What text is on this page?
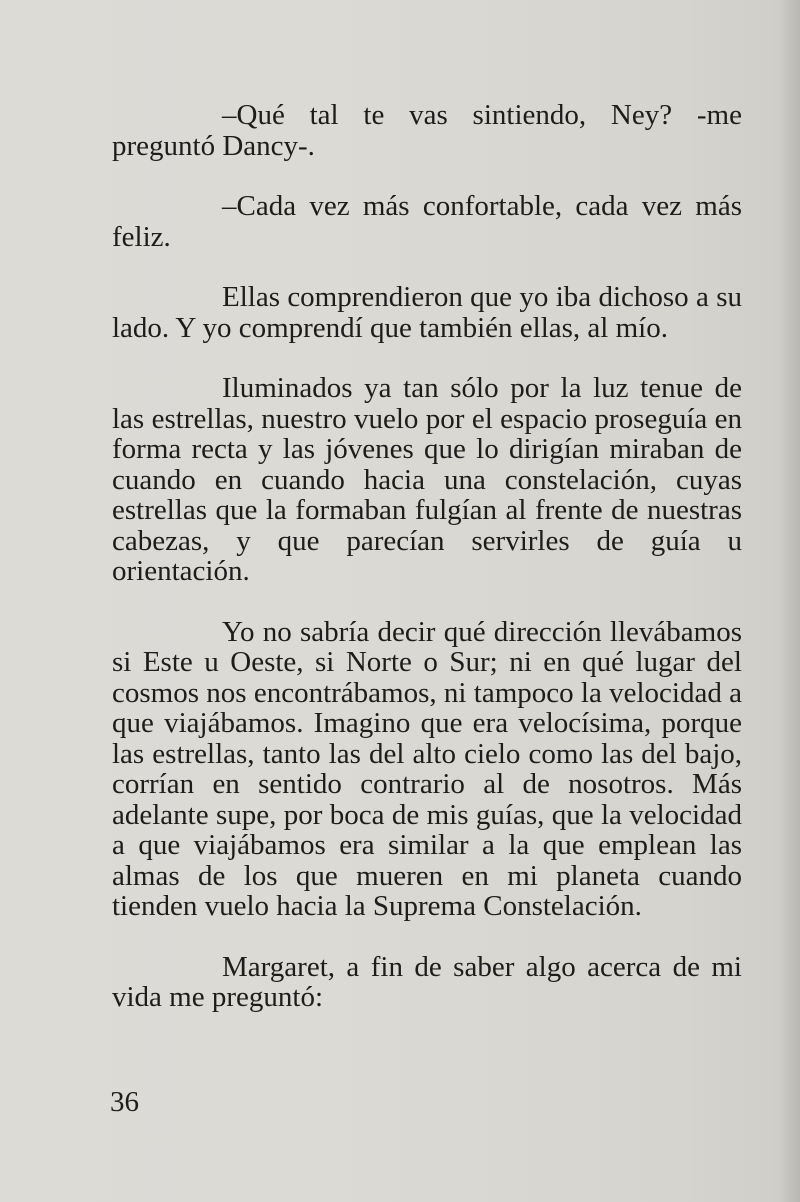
–Qué tal te vas sintiendo, Ney? -me preguntó Dancy-.

–Cada vez más confortable, cada vez más feliz.

Ellas comprendieron que yo iba dichoso a su lado. Y yo comprendí que también ellas, al mío.

Iluminados ya tan sólo por la luz tenue de las estrellas, nuestro vuelo por el espacio proseguía en forma recta y las jóvenes que lo dirigían miraban de cuando en cuando hacia una constelación, cuyas estrellas que la formaban fulgían al frente de nuestras cabezas, y que parecían servirles de guía u orientación.

Yo no sabría decir qué dirección llevábamos si Este u Oeste, si Norte o Sur; ni en qué lugar del cosmos nos encontrábamos, ni tampoco la velocidad a que viajábamos. Imagino que era velocísima, porque las estrellas, tanto las del alto cielo como las del bajo, corrían en sentido contrario al de nosotros. Más adelante supe, por boca de mis guías, que la velocidad a que viajábamos era similar a la que emplean las almas de los que mueren en mi planeta cuando tienden vuelo hacia la Suprema Constelación.

Margaret, a fin de saber algo acerca de mi vida me preguntó:

36
